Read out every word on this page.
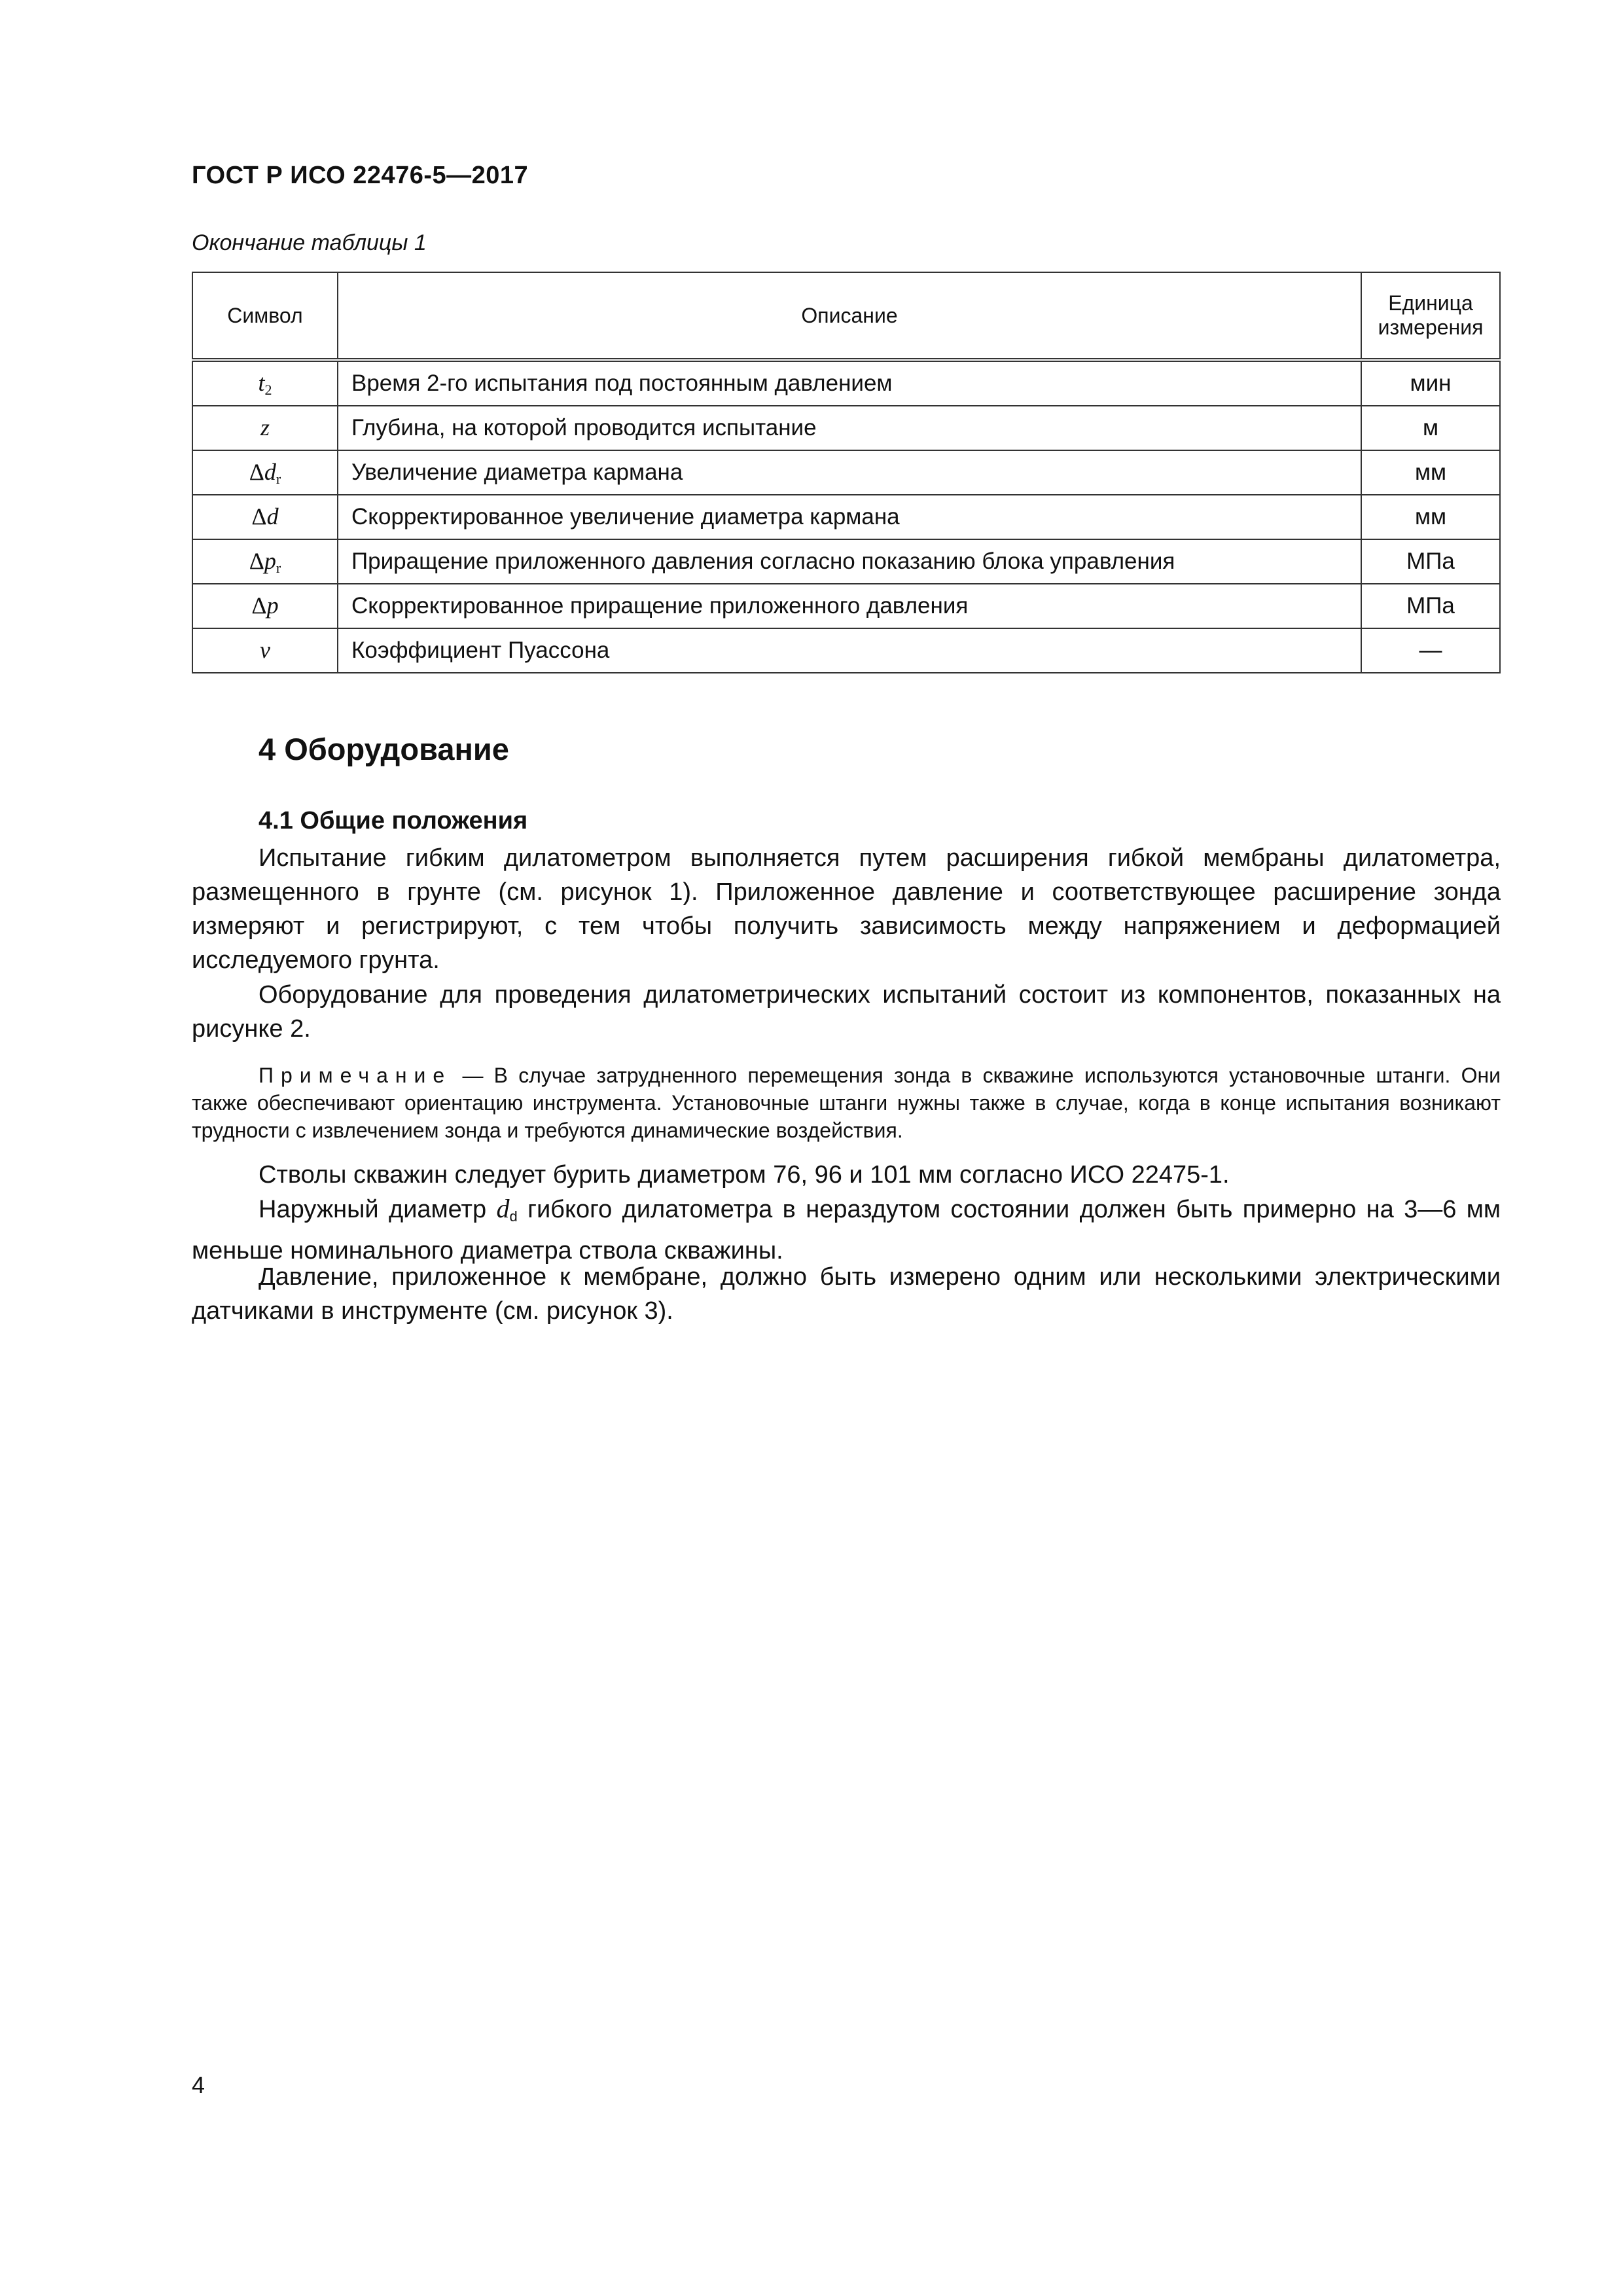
ГОСТ Р ИСО 22476-5—2017
Окончание таблицы 1
Символ	Описание	Единица
измерения
$t_2$	Время 2-го испытания под постоянным давлением	мин
z	Глубина, на которой проводится испытание	м
$\Delta d_r$	Увеличение диаметра кармана	мм
Δd	Скорректированное увеличение диаметра кармана	мм
$\Delta p_r$	Приращение приложенного давления согласно показанию блока управления	МПа
Δp	Скорректированное приращение приложенного давления	МПа
ν	Коэффициент Пуассона	—
4 Оборудование
4.1 Общие положения

Испытание гибким дилатометром выполняется путем расширения гибкой мембраны дилатометра, размещенного в грунте (см. рисунок 1). Приложенное давление и соответствующее расширение зонда измеряют и регистрируют, с тем чтобы получить зависимость между напряжением и деформацией исследуемого грунта.

Оборудование для проведения дилатометрических испытаний состоит из компонентов, показанных на рисунке 2.

Примечание — В случае затрудненного перемещения зонда в скважине используются установочные штанги. Они также обеспечивают ориентацию инструмента. Установочные штанги нужны также в случае, когда в конце испытания возникают трудности с извлечением зонда и требуются динамические воздействия.

Стволы скважин следует бурить диаметром 76, 96 и 101 мм согласно ИСО 22475-1.

Наружный диаметр $d_d$ гибкого дилатометра в нераздутом состоянии должен быть примерно на 3—6 мм меньше номинального диаметра ствола скважины.

Давление, приложенное к мембране, должно быть измерено одним или несколькими электрическими датчиками в инструменте (см. рисунок 3).

4
